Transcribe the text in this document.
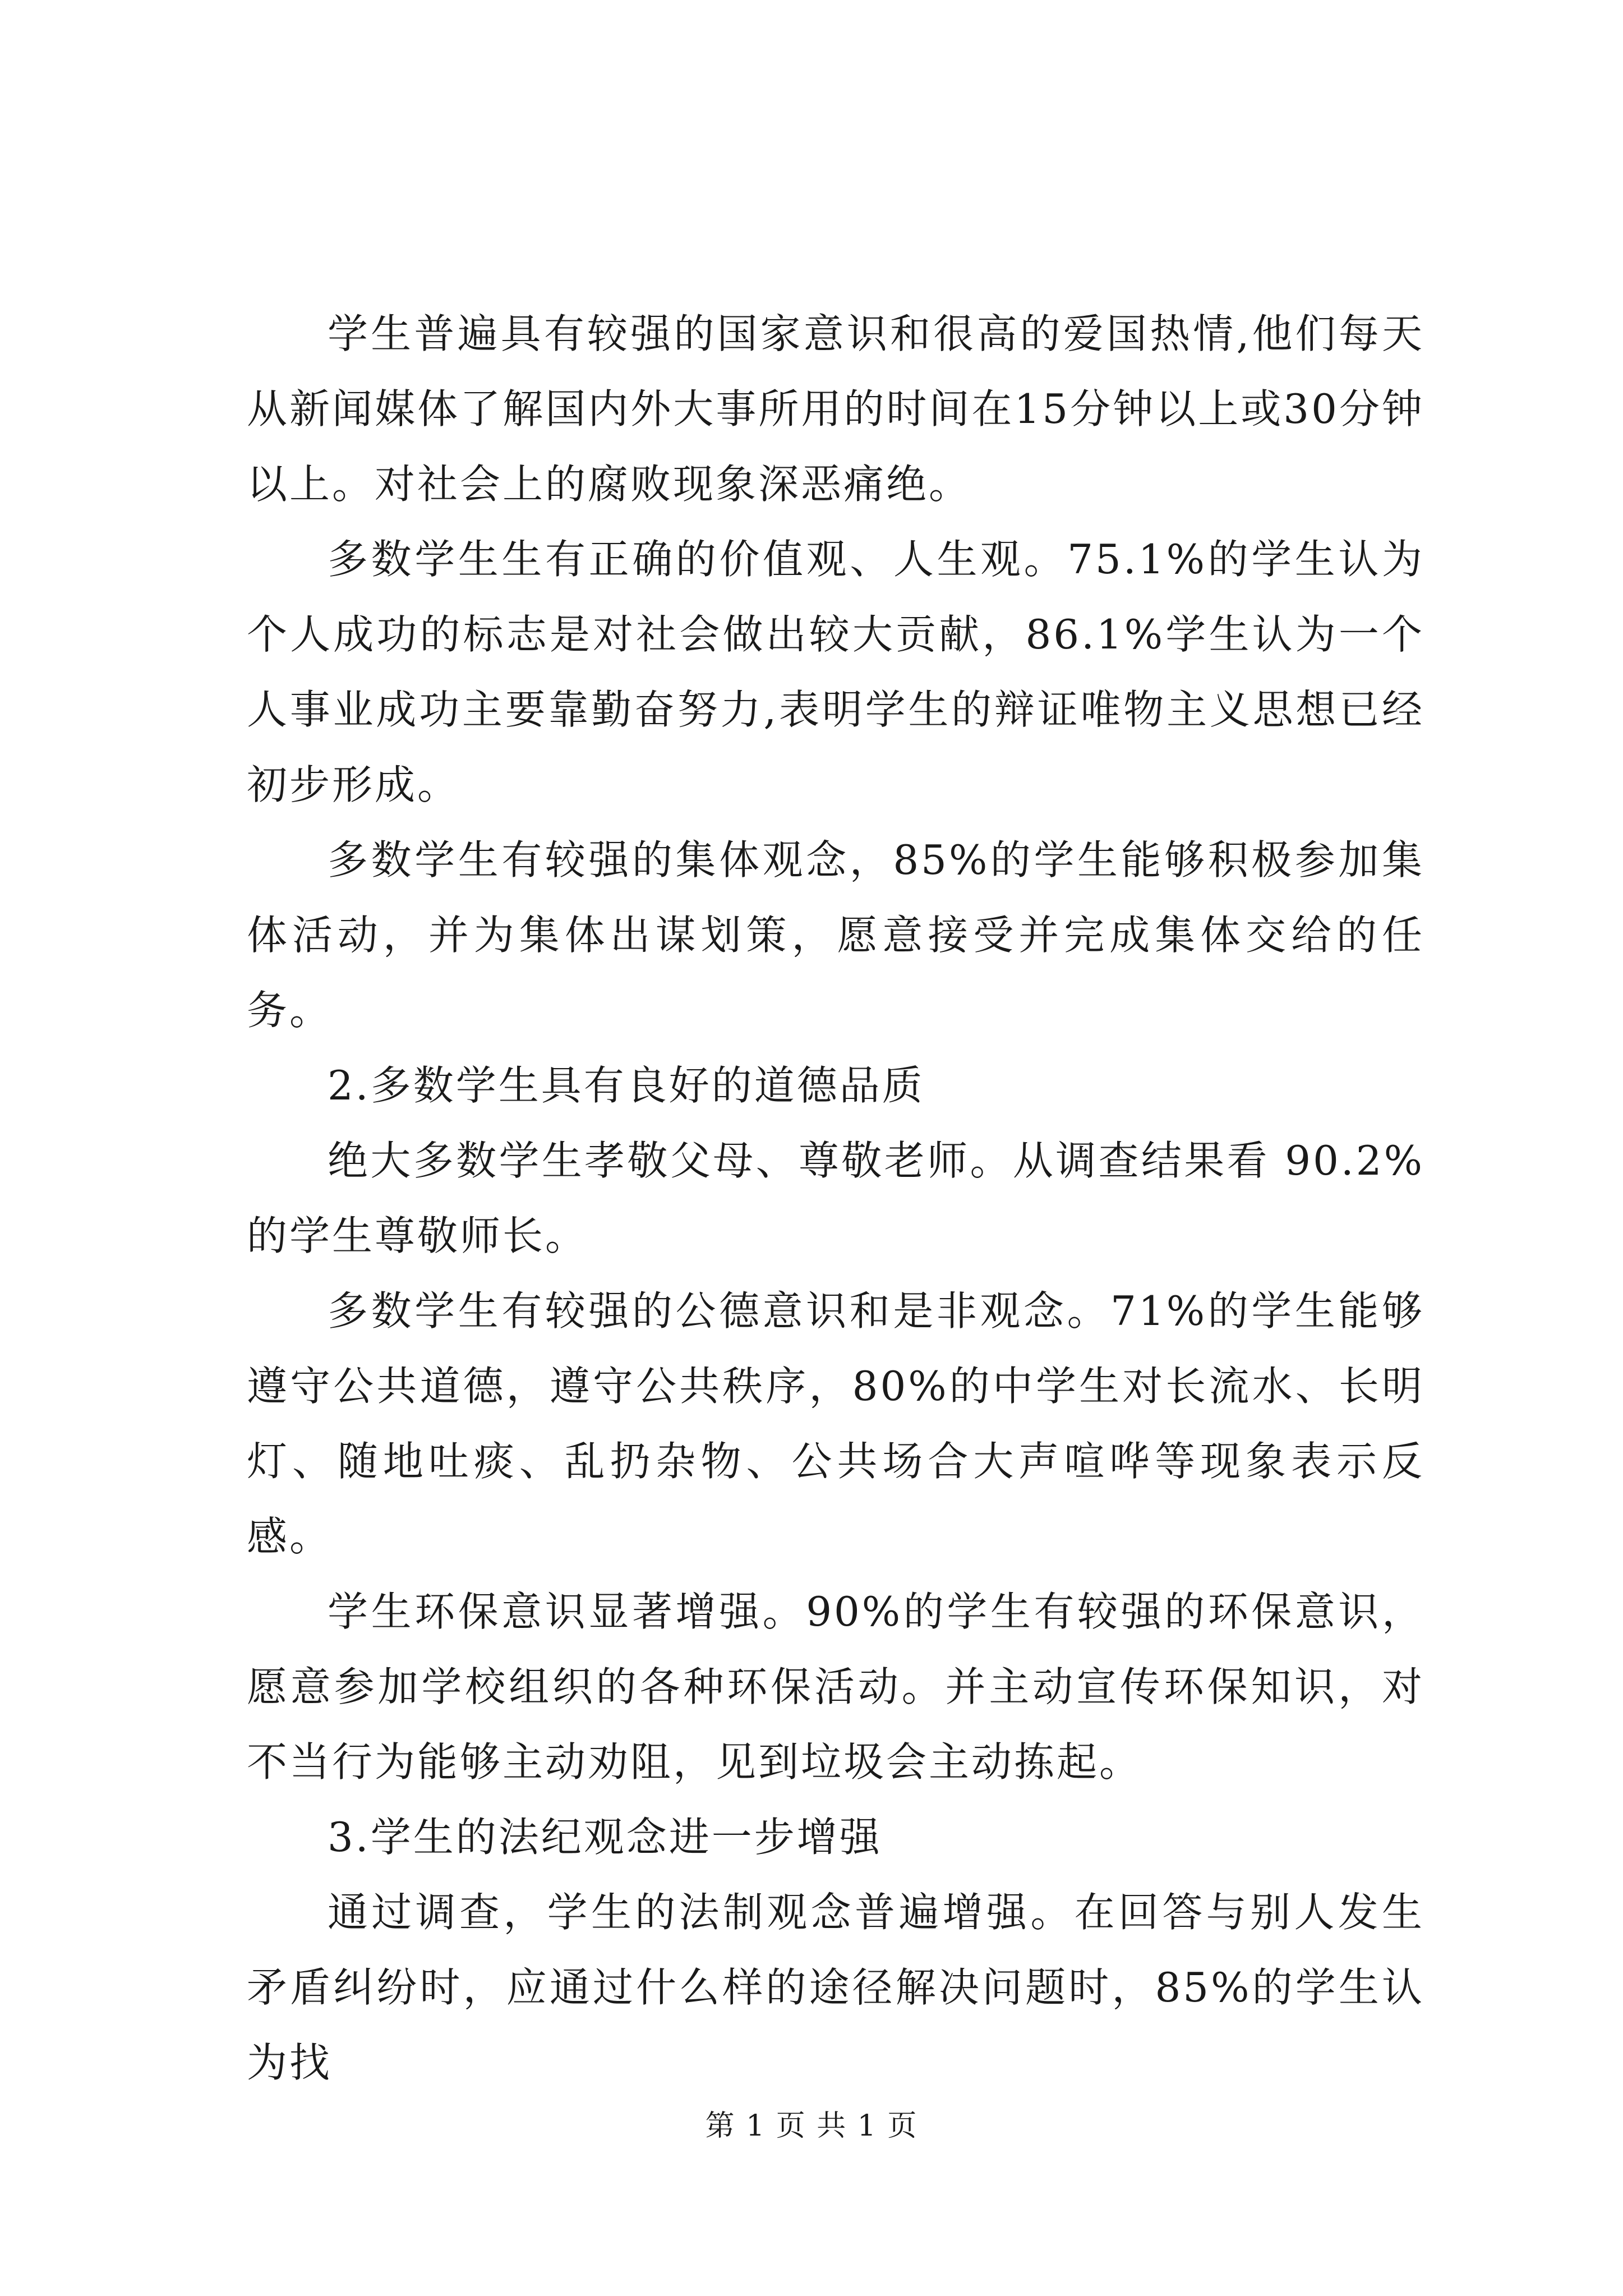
学生普遍具有较强的国家意识和很高的爱国热情,他们每天从新闻媒体了解国内外大事所用的时间在15分钟以上或30分钟以上。对社会上的腐败现象深恶痛绝。

多数学生生有正确的价值观、人生观。75.1%的学生认为个人成功的标志是对社会做出较大贡献，86.1%学生认为一个人事业成功主要靠勤奋努力,表明学生的辩证唯物主义思想已经初步形成。

多数学生有较强的集体观念，85%的学生能够积极参加集体活动，并为集体出谋划策，愿意接受并完成集体交给的任务。

2.多数学生具有良好的道德品质

绝大多数学生孝敬父母、尊敬老师。从调查结果看 90.2%的学生尊敬师长。

多数学生有较强的公德意识和是非观念。71%的学生能够遵守公共道德，遵守公共秩序，80%的中学生对长流水、长明灯、随地吐痰、乱扔杂物、公共场合大声喧哗等现象表示反感。

学生环保意识显著增强。90%的学生有较强的环保意识，愿意参加学校组织的各种环保活动。并主动宣传环保知识，对不当行为能够主动劝阻，见到垃圾会主动拣起。

3.学生的法纪观念进一步增强

通过调查，学生的法制观念普遍增强。在回答与别人发生矛盾纠纷时，应通过什么样的途径解决问题时，85%的学生认为找

第 1 页 共 1 页
